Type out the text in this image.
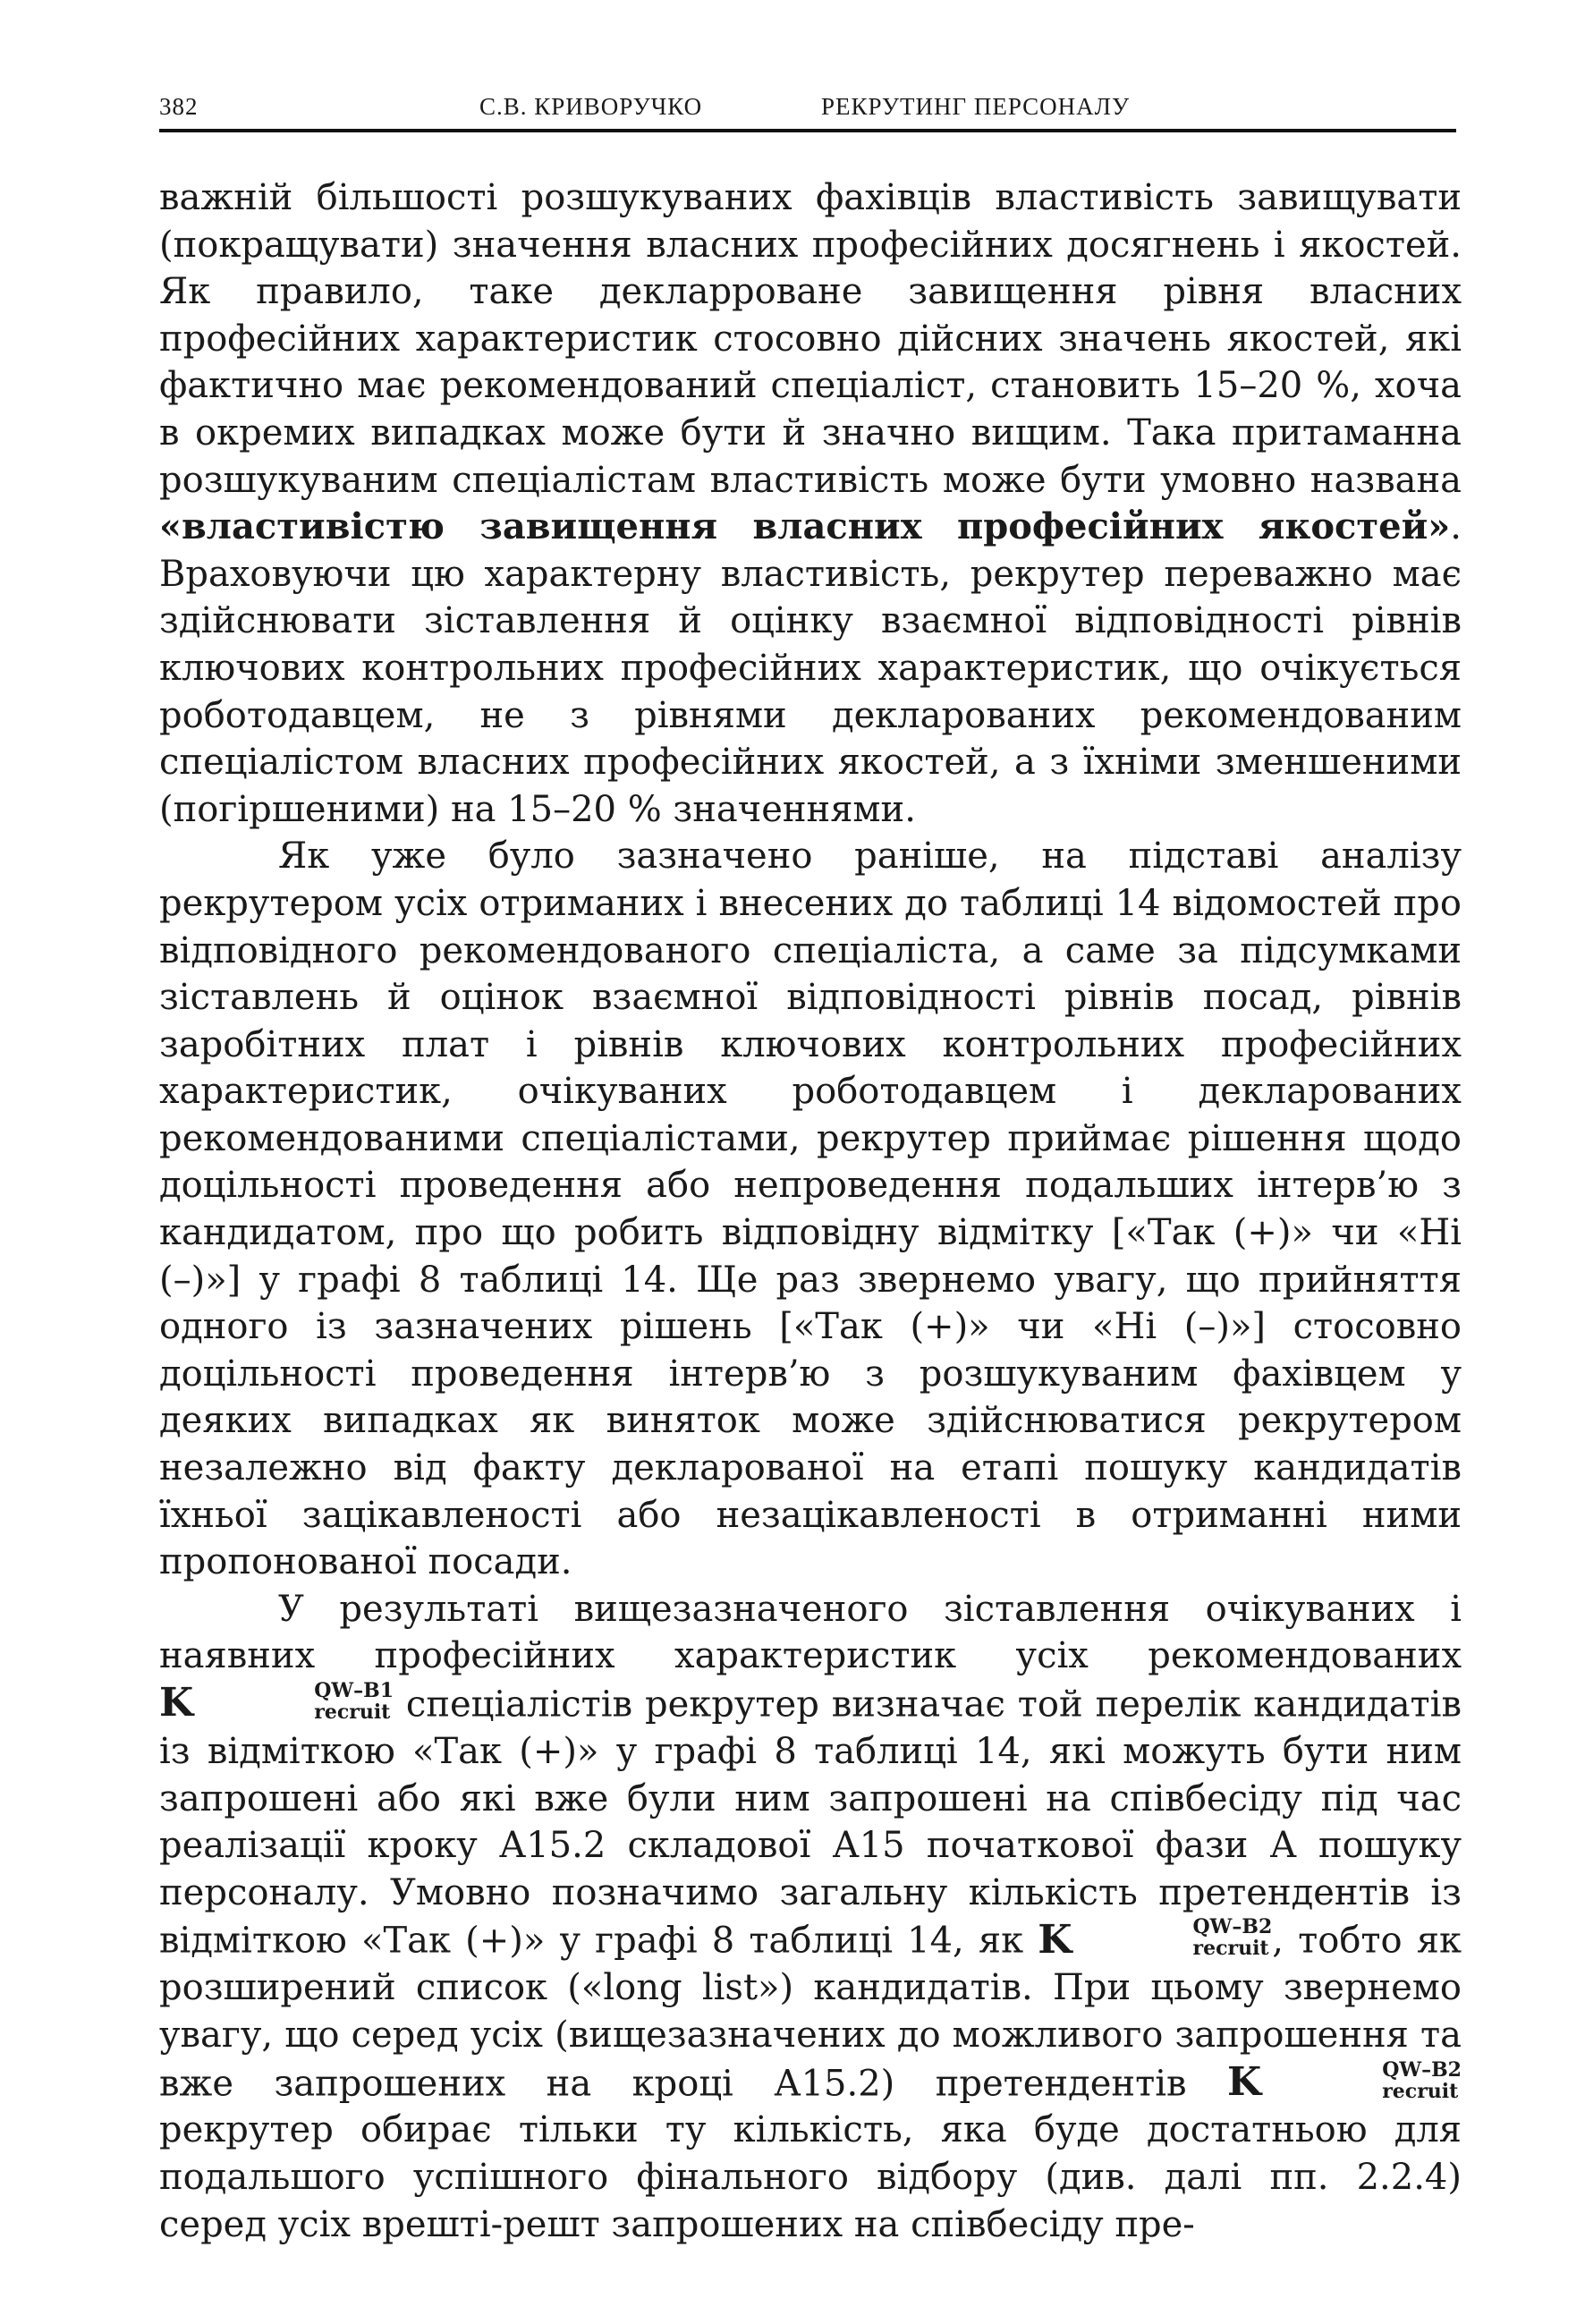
382	С.В. КРИВОРУЧКО	РЕКРУТИНГ ПЕРСОНАЛУ

важній більшості розшукуваних фахівців властивість завищувати (покращувати) значення власних професійних досягнень і якостей. Як правило, таке декларроване завищення рівня власних професійних характеристик стосовно дійсних значень якостей, які фактично має рекомендований спеціаліст, становить 15–20 %, хоча в окремих випадках може бути й значно вищим. Така притаманна розшукуваним спеціалістам властивість може бути умовно названа «властивістю завищення власних професійних якостей». Враховуючи цю характерну властивість, рекрутер переважно має здійснювати зіставлення й оцінку взаємної відповідності рівнів ключових контрольних професійних характеристик, що очікується роботодавцем, не з рівнями декларованих рекомендованим спеціалістом власних професійних якостей, а з їхніми зменшеними (погіршеними) на 15–20 % значеннями.

Як уже було зазначено раніше, на підставі аналізу рекрутером усіх отриманих і внесених до таблиці 14 відомостей про відповідного рекомендованого спеціаліста, а саме за підсумками зіставлень й оцінок взаємної відповідності рівнів посад, рівнів заробітних плат і рівнів ключових контрольних професійних характеристик, очікуваних роботодавцем і декларованих рекомендованими спеціалістами, рекрутер приймає рішення щодо доцільності проведення або непроведення подальших інтерв’ю з кандидатом, про що робить відповідну відмітку [«Так (+)» чи «Ні (–)»] у графі 8 таблиці 14. Ще раз звернемо увагу, що прийняття одного із зазначених рішень [«Так (+)» чи «Ні (–)»] стосовно доцільності проведення інтерв’ю з розшукуваним фахівцем у деяких випадках як виняток може здійснюватися рекрутером незалежно від факту декларованої на етапі пошуку кандидатів їхньої зацікавленості або незацікавленості в отриманні ними пропонованої посади.

У результаті вищезазначеного зіставлення очікуваних і наявних професійних характеристик усіх рекомендованих K	QW–B1
recruit спеціалістів рекрутер визначає той перелік кандидатів із відміткою «Так (+)» у графі 8 таблиці 14, які можуть бути ним запрошені або які вже були ним запрошені на співбесіду під час реалізації кроку А15.2 складової А15 початкової фази А пошуку персоналу. Умовно позначимо загальну кількість претендентів із відміткою «Так (+)» у графі 8 таблиці 14, як K	QW–B2
recruit , тобто як розширений список («long list») кандидатів. При цьому звернемо увагу, що серед усіх (вищезазначених до можливого запрошення та вже запрошених на кроці А15.2) претендентів K	QW–B2
recruit
рекрутер обирає тільки ту кількість, яка буде достатньою для подальшого успішного фінального відбору (див. далі пп. 2.2.4) серед усіх врешті-решт запрошених на співбесіду пре-
